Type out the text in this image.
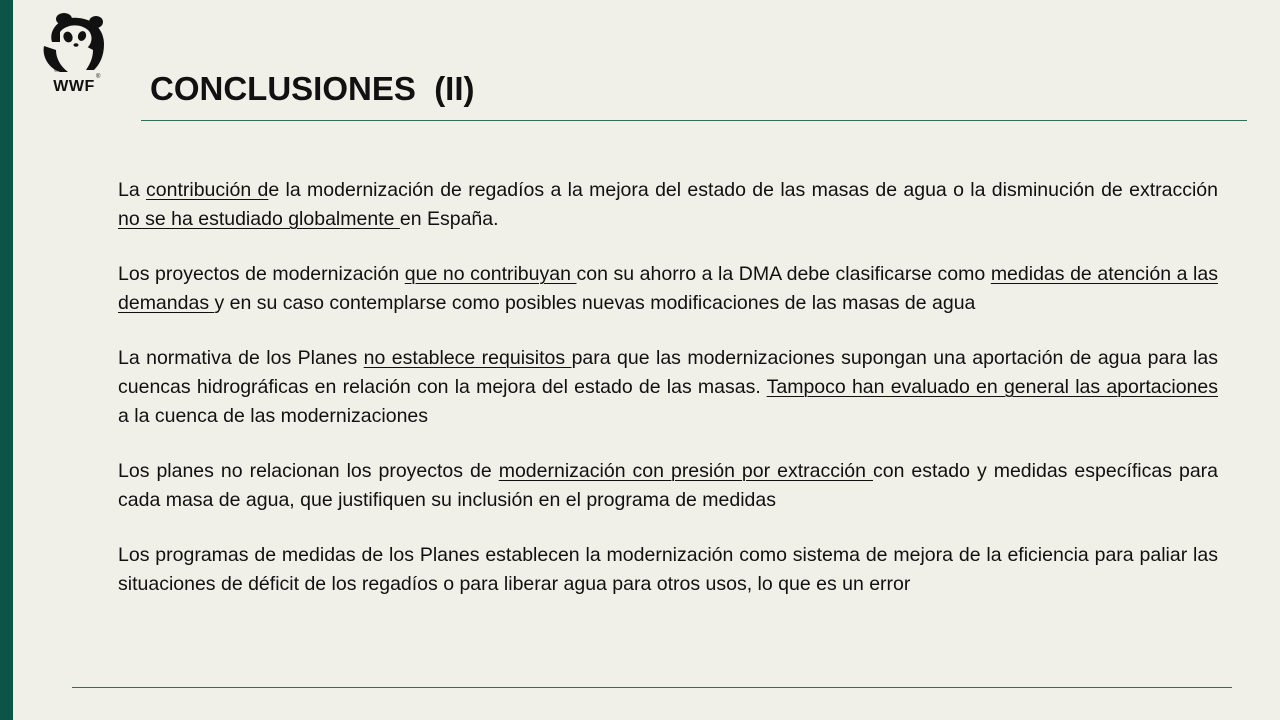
®
®
WWF	CONCLUSIONES  (II)

La contribución de la modernización de regadíos a la mejora del estado de las masas de agua o la disminución de extracción no se ha estudiado globalmente en España.

Los proyectos de modernización que no contribuyan con su ahorro a la DMA debe clasificarse como medidas de atención a las demandas y en su caso contemplarse como posibles nuevas modificaciones de las masas de agua

La normativa de los Planes no establece requisitos para que las modernizaciones supongan una aportación de agua para las cuencas hidrográficas en relación con la mejora del estado de las masas. Tampoco han evaluado en general las aportaciones a la cuenca de las modernizaciones

Los planes no relacionan los proyectos de modernización con presión por extracción con estado y medidas específicas para cada masa de agua, que justifiquen su inclusión en el programa de medidas

Los programas de medidas de los Planes establecen la modernización como sistema de mejora de la eficiencia para paliar las situaciones de déficit de los regadíos o para liberar agua para otros usos, lo que es un error
